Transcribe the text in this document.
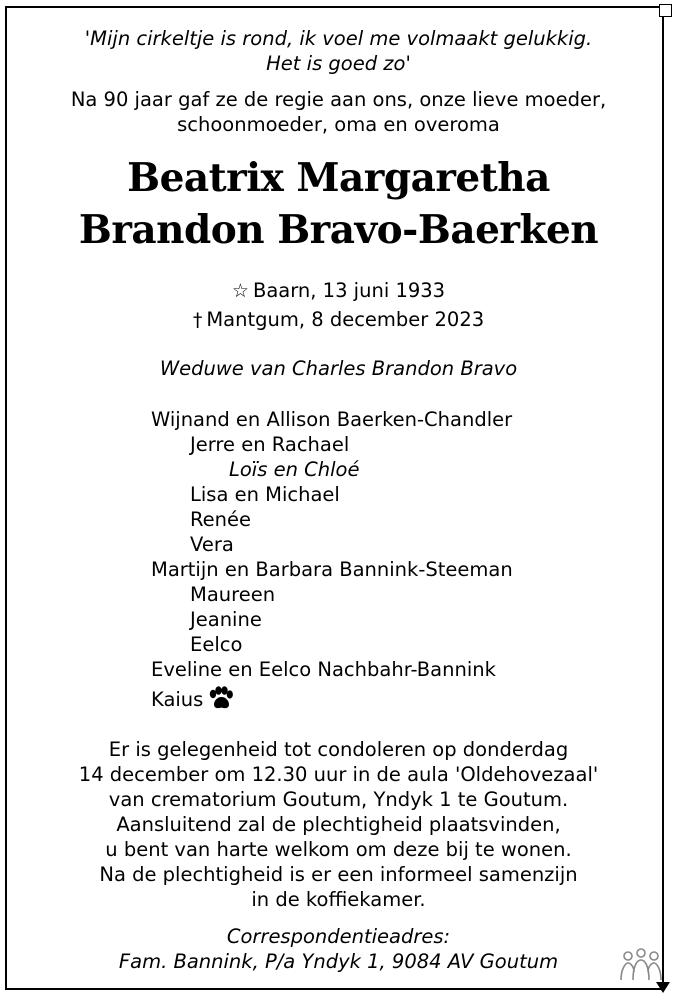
'Mijn cirkeltje is rond, ik voel me volmaakt gelukkig.
Het is goed zo'
Na 90 jaar gaf ze de regie aan ons, onze lieve moeder,
schoonmoeder, oma en overoma
Beatrix Margaretha
Brandon Bravo-Baerken
☆ Baarn, 13 juni 1933
† Mantgum, 8 december 2023
Weduwe van Charles Brandon Bravo
Wijnand en Allison Baerken-Chandler
Jerre en Rachael
Loïs en Chloé
Lisa en Michael
Renée
Vera
Martijn en Barbara Bannink-Steeman
Maureen
Jeanine
Eelco
Eveline en Eelco Nachbahr-Bannink
Kaius
Er is gelegenheid tot condoleren op donderdag
14 december om 12.30 uur in de aula 'Oldehovezaal'
van crematorium Goutum, Yndyk 1 te Goutum.
Aansluitend zal de plechtigheid plaatsvinden,
u bent van harte welkom om deze bij te wonen.
Na de plechtigheid is er een informeel samenzijn
in de koffiekamer.
Correspondentieadres:
Fam. Bannink, P/a Yndyk 1, 9084 AV Goutum
